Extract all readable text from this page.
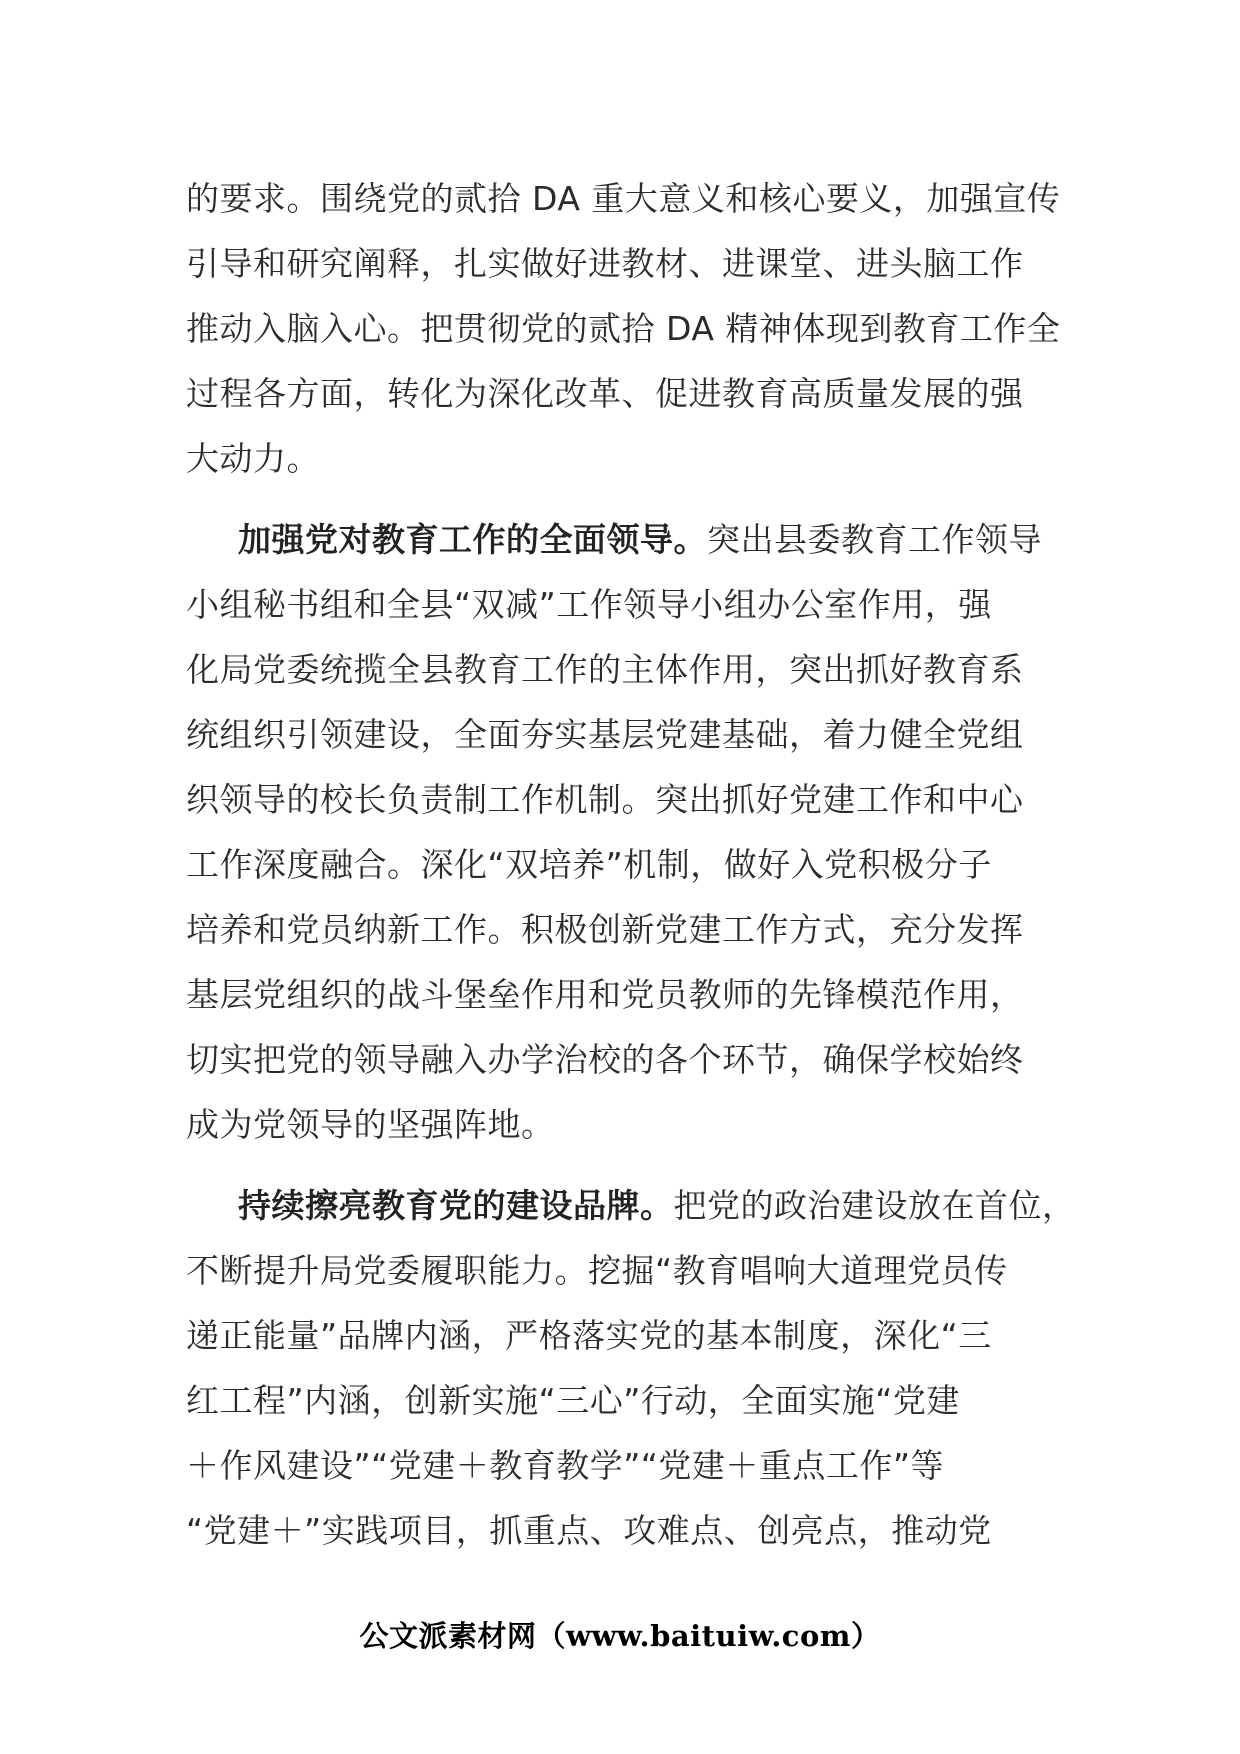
的要求。围绕党的贰拾 DA 重大意义和核心要义，加强宣传
引导和研究阐释，扎实做好进教材、进课堂、进头脑工作
推动入脑入心。把贯彻党的贰拾 DA 精神体现到教育工作全
过程各方面，转化为深化改革、促进教育高质量发展的强
大动力。

加强党对教育工作的全面领导。突出县委教育工作领导
小组秘书组和全县“双减”工作领导小组办公室作用，强
化局党委统揽全县教育工作的主体作用，突出抓好教育系
统组织引领建设，全面夯实基层党建基础，着力健全党组
织领导的校长负责制工作机制。突出抓好党建工作和中心
工作深度融合。深化“双培养”机制，做好入党积极分子
培养和党员纳新工作。积极创新党建工作方式，充分发挥
基层党组织的战斗堡垒作用和党员教师的先锋模范作用，
切实把党的领导融入办学治校的各个环节，确保学校始终
成为党领导的坚强阵地。

持续擦亮教育党的建设品牌。把党的政治建设放在首位，
不断提升局党委履职能力。挖掘“教育唱响大道理党员传
递正能量”品牌内涵，严格落实党的基本制度，深化“三
红工程”内涵，创新实施“三心”行动，全面实施“党建
＋作风建设”“党建＋教育教学”“党建＋重点工作”等
“党建＋”实践项目，抓重点、攻难点、创亮点，推动党

公文派素材网（www.baituiw.com）
